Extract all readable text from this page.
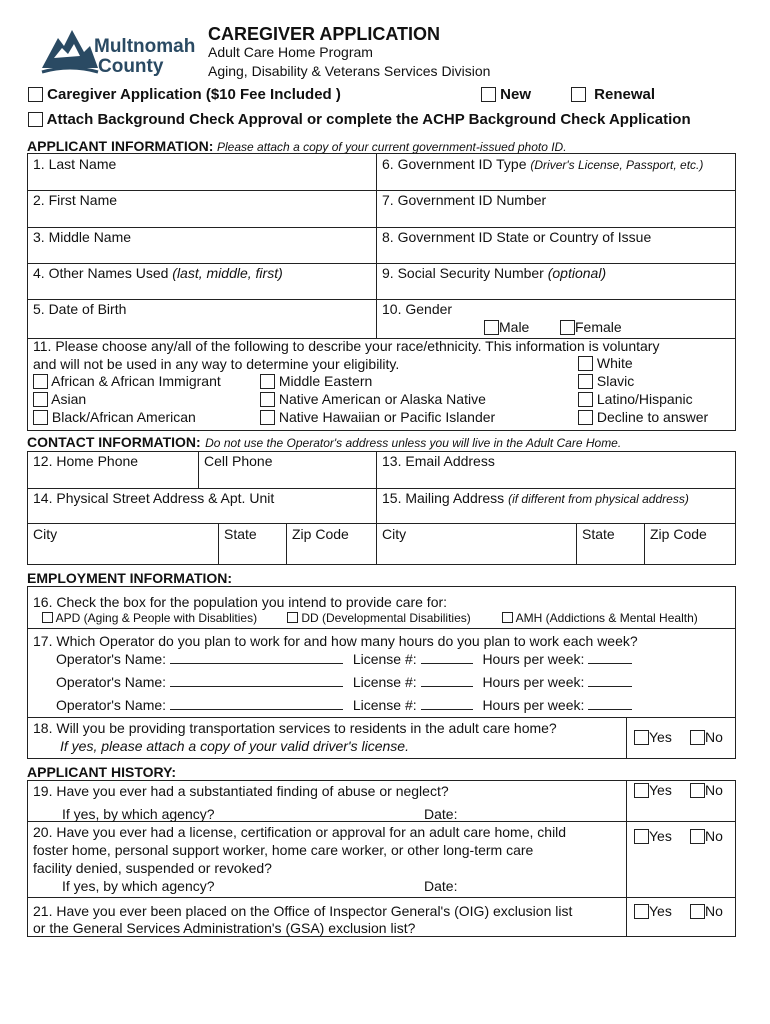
Multnomah
County
CAREGIVER APPLICATION
Adult Care Home Program
Aging, Disability & Veterans Services Division
Caregiver Application ($10 Fee Included )	New	Renewal
Attach Background Check Approval or complete the ACHP Background Check Application
APPLICANT INFORMATION: Please attach a copy of your current government-issued photo ID.
1. Last Name	6. Government ID Type (Driver's License, Passport, etc.)
2. First Name	7. Government ID Number
3. Middle Name	8. Government ID State or Country of Issue
4. Other Names Used (last, middle, first)	9. Social Security Number (optional)
5. Date of Birth	10. Gender
Male	Female
11. Please choose any/all of the following to describe your race/ethnicity. This information is voluntary
and will not be used in any way to determine your eligibility.
African & African Immigrant
Asian
Black/African American
Middle Eastern
Native American or Alaska Native
Native Hawaiian or Pacific Islander
White
Slavic
Latino/Hispanic
Decline to answer
CONTACT INFORMATION: Do not use the Operator's address unless you will live in the Adult Care Home.
12. Home Phone	Cell Phone	13. Email Address
14. Physical Street Address & Apt. Unit	15. Mailing Address (if different from physical address)
City	State	Zip Code City	State	Zip Code
EMPLOYMENT INFORMATION:
16. Check the box for the population you intend to provide care for:
APD (Aging & People with Disablities)	DD (Developmental Disabilities)	AMH (Addictions & Mental Health)
17. Which Operator do you plan to work for and how many hours do you plan to work each week?
Operator's Name:	License #:	Hours per week:
Operator's Name:	License #:	Hours per week:
Operator's Name:	License #:	Hours per week:
18. Will you be providing transportation services to residents in the adult care home?
If yes, please attach a copy of your valid driver's license.
Yes	No
APPLICANT HISTORY:
19. Have you ever had a substantiated finding of abuse or neglect?
If yes, by which agency?	Date:
Yes	No
20. Have you ever had a license, certification or approval for an adult care home, child
foster home, personal support worker, home care worker, or other long-term care
facility denied, suspended or revoked?
If yes, by which agency?	Date:
Yes	No
21. Have you ever been placed on the Office of Inspector General's (OIG) exclusion list
or the General Services Administration's (GSA) exclusion list?
Yes	No
